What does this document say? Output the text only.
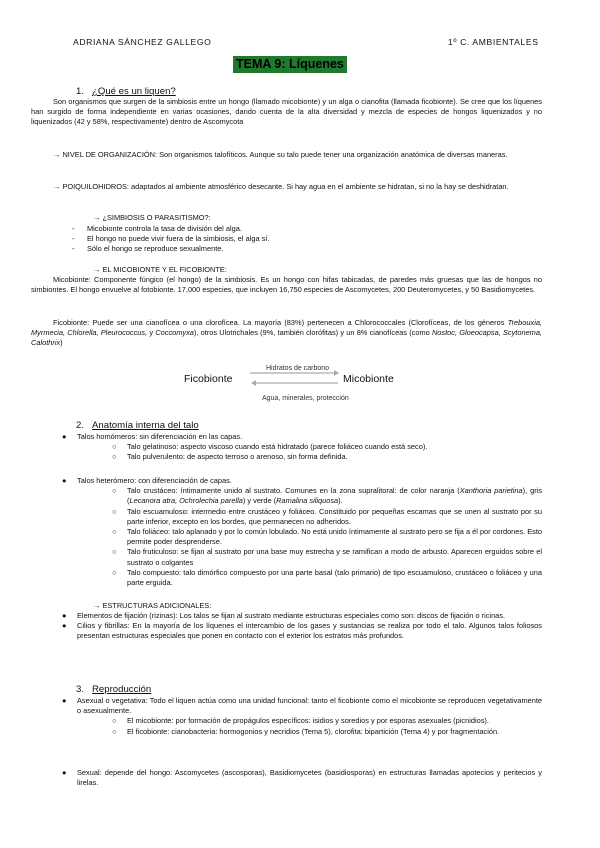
ADRIANA SÁNCHEZ GALLEGO	1º C. AMBIENTALES
TEMA 9: Líquenes
1. ¿Qué es un liquen?
Son organismos que surgen de la simbiosis entre un hongo (llamado micobionte) y un alga o cianofita (llamada ficobionte). Se cree que los líquenes han surgido de forma independiente en varias ocasiones, dando cuenta de la alta diversidad y mezcla de especies de hongos liquenizados y no liquenizados (42 y 58%, respectivamente) dentro de Ascomycota
→ NIVEL DE ORGANIZACIÓN: Son organismos talofíticos. Aunque su talo puede tener una organización anatómica de diversas maneras.
→ POIQUILOHIDROS: adaptados al ambiente atmosférico desecante. Si hay agua en el ambiente se hidratan, si no la hay se deshidratan.
→ ¿SIMBIOSIS O PARASITISMO?:
- Micobionte controla la tasa de división del alga.
- El hongo no puede vivir fuera de la simbiosis, el alga sí.
- Sólo el hongo se reproduce sexualmente.
→ EL MICOBIONTE Y EL FICOBIONTE:
Micobionte: Componente fúngico (el hongo) de la simbiosis. Es un hongo con hifas tabicadas, de paredes más gruesas que las de hongos no simbiontes. El hongo envuelve al fotobionte. 17,000 especies, que incluyen 16,750 especies de Ascomycetes, 200 Deuteromycetes, y 50 Basidiomycetes.
Ficobionte: Puede ser una cianofícea o una clorofícea. La mayoría (83%) pertenecen a Chlorococcales (Clorofíceas, de los géneros Trebouxia, Myrmecia, Chlorella, Pleurococcus, y Coccomyxa), otros Ulotrichales (9%, también clorófitas) y un 8% cianofíceas (como Nostoc, Gloeocapsa, Scytonema, Calothrix)
Ficobionte	Micobionte
Hidratos de carbono
Agua, minerales, protección
2. Anatomía interna del talo
● Talos homómeros: sin diferenciación en las capas.
○ Talo gelatinoso: aspecto viscoso cuando está hidratado (parece foliáceo cuando está seco).
○ Talo pulverulento: de aspecto terroso o arenoso, sin forma definida.
● Talos heterómero: con diferenciación de capas.
○ Talo crustáceo: íntimamente unido al sustrato. Comunes en la zona supralitoral: de color naranja (Xanthoria parietina), gris (Lecanora atra, Ochrolechia parella) y verde (Ramalina siliquosa).
○ Talo escuamuloso: intermedio entre crustáceo y foliáceo. Constituido por pequeñas escamas que se unen al sustrato por su parte inferior, excepto en los bordes, que permanecen no adheridos.
○ Talo foliáceo: talo aplanado y por lo común lobulado. No está unido íntimamente al sustrato pero se fija a él por cordones. Esto permite poder desprenderse.
○ Talo fruticuloso: se fijan al sustrato por una base muy estrecha y se ramifican a modo de arbusto. Aparecen erguidos sobre el sustrato o colgantes
○ Talo compuesto: talo dimórfico compuesto por una parte basal (talo primario) de tipo escuamuloso, crustáceo o foliáceo y una parte erguida.
→ ESTRUCTURAS ADICIONALES:
● Elementos de fijación (rizinas): Los talos se fijan al sustrato mediante estructuras especiales como son: discos de fijación o ricinas.
● Cilios y fibrillas: En la mayoría de los líquenes el intercambio de los gases y sustancias se realiza por todo el talo. Algunos talos foliosos presentan estructuras especiales que ponen en contacto con el exterior los estratos más profundos.
3. Reproducción
● Asexual o vegetativa: Todo el liquen actúa como una unidad funcional: tanto el ficobionte como el micobionte se reproducen vegetativamente o asexualmente.
○ El micobionte: por formación de propágulos específicos: isidios y soredios y por esporas asexuales (picnidios).
○ El ficobionte: cianobacteria: hormogonios y necridios (Tema 5), clorofita: bipartición (Tema 4) y por fragmentación.
● Sexual: depende del hongo: Ascomycetes (ascosporas), Basidiomycetes (basidiosporas) en estructuras llamadas apotecios y peritecios y lirelas.
